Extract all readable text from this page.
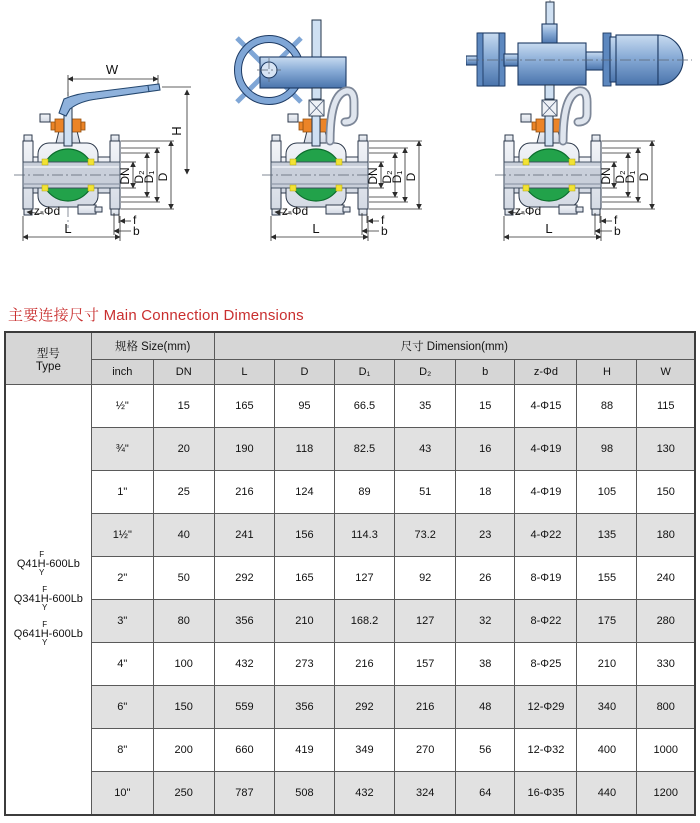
W
H
DN D₂
D₁ D
z-Φd
L
f
b
DN D₂
D₁ D
z-Φd
L
f
b
DN D₂
D₁ D
z-Φd
L
f
b
主要连接尺寸 Main Connection Dimensions
型号
Type	规格 Size(mm)		尺寸 Dimension(mm)							
	inch	DN	L	D	D₁	D₂	b	z-Φd	H	W

Q41
F
H
Y
-600Lb
Q341
F
H
Y
-600Lb
Q641
F
H
Y
-600Lb
	½"	15	165	95	66.5	35	15	4-Φ15	88	115
	¾"	20	190	118	82.5	43	16	4-Φ19	98	130
	1"	25	216	124	89	51	18	4-Φ19	105	150
	1½"	40	241	156	114.3	73.2	23	4-Φ22	135	180
	2"	50	292	165	127	92	26	8-Φ19	155	240
	3"	80	356	210	168.2	127	32	8-Φ22	175	280
	4"	100	432	273	216	157	38	8-Φ25	210	330
	6"	150	559	356	292	216	48	12-Φ29	340	800
	8"	200	660	419	349	270	56	12-Φ32	400	1000
	10"	250	787	508	432	324	64	16-Φ35	440	1200
